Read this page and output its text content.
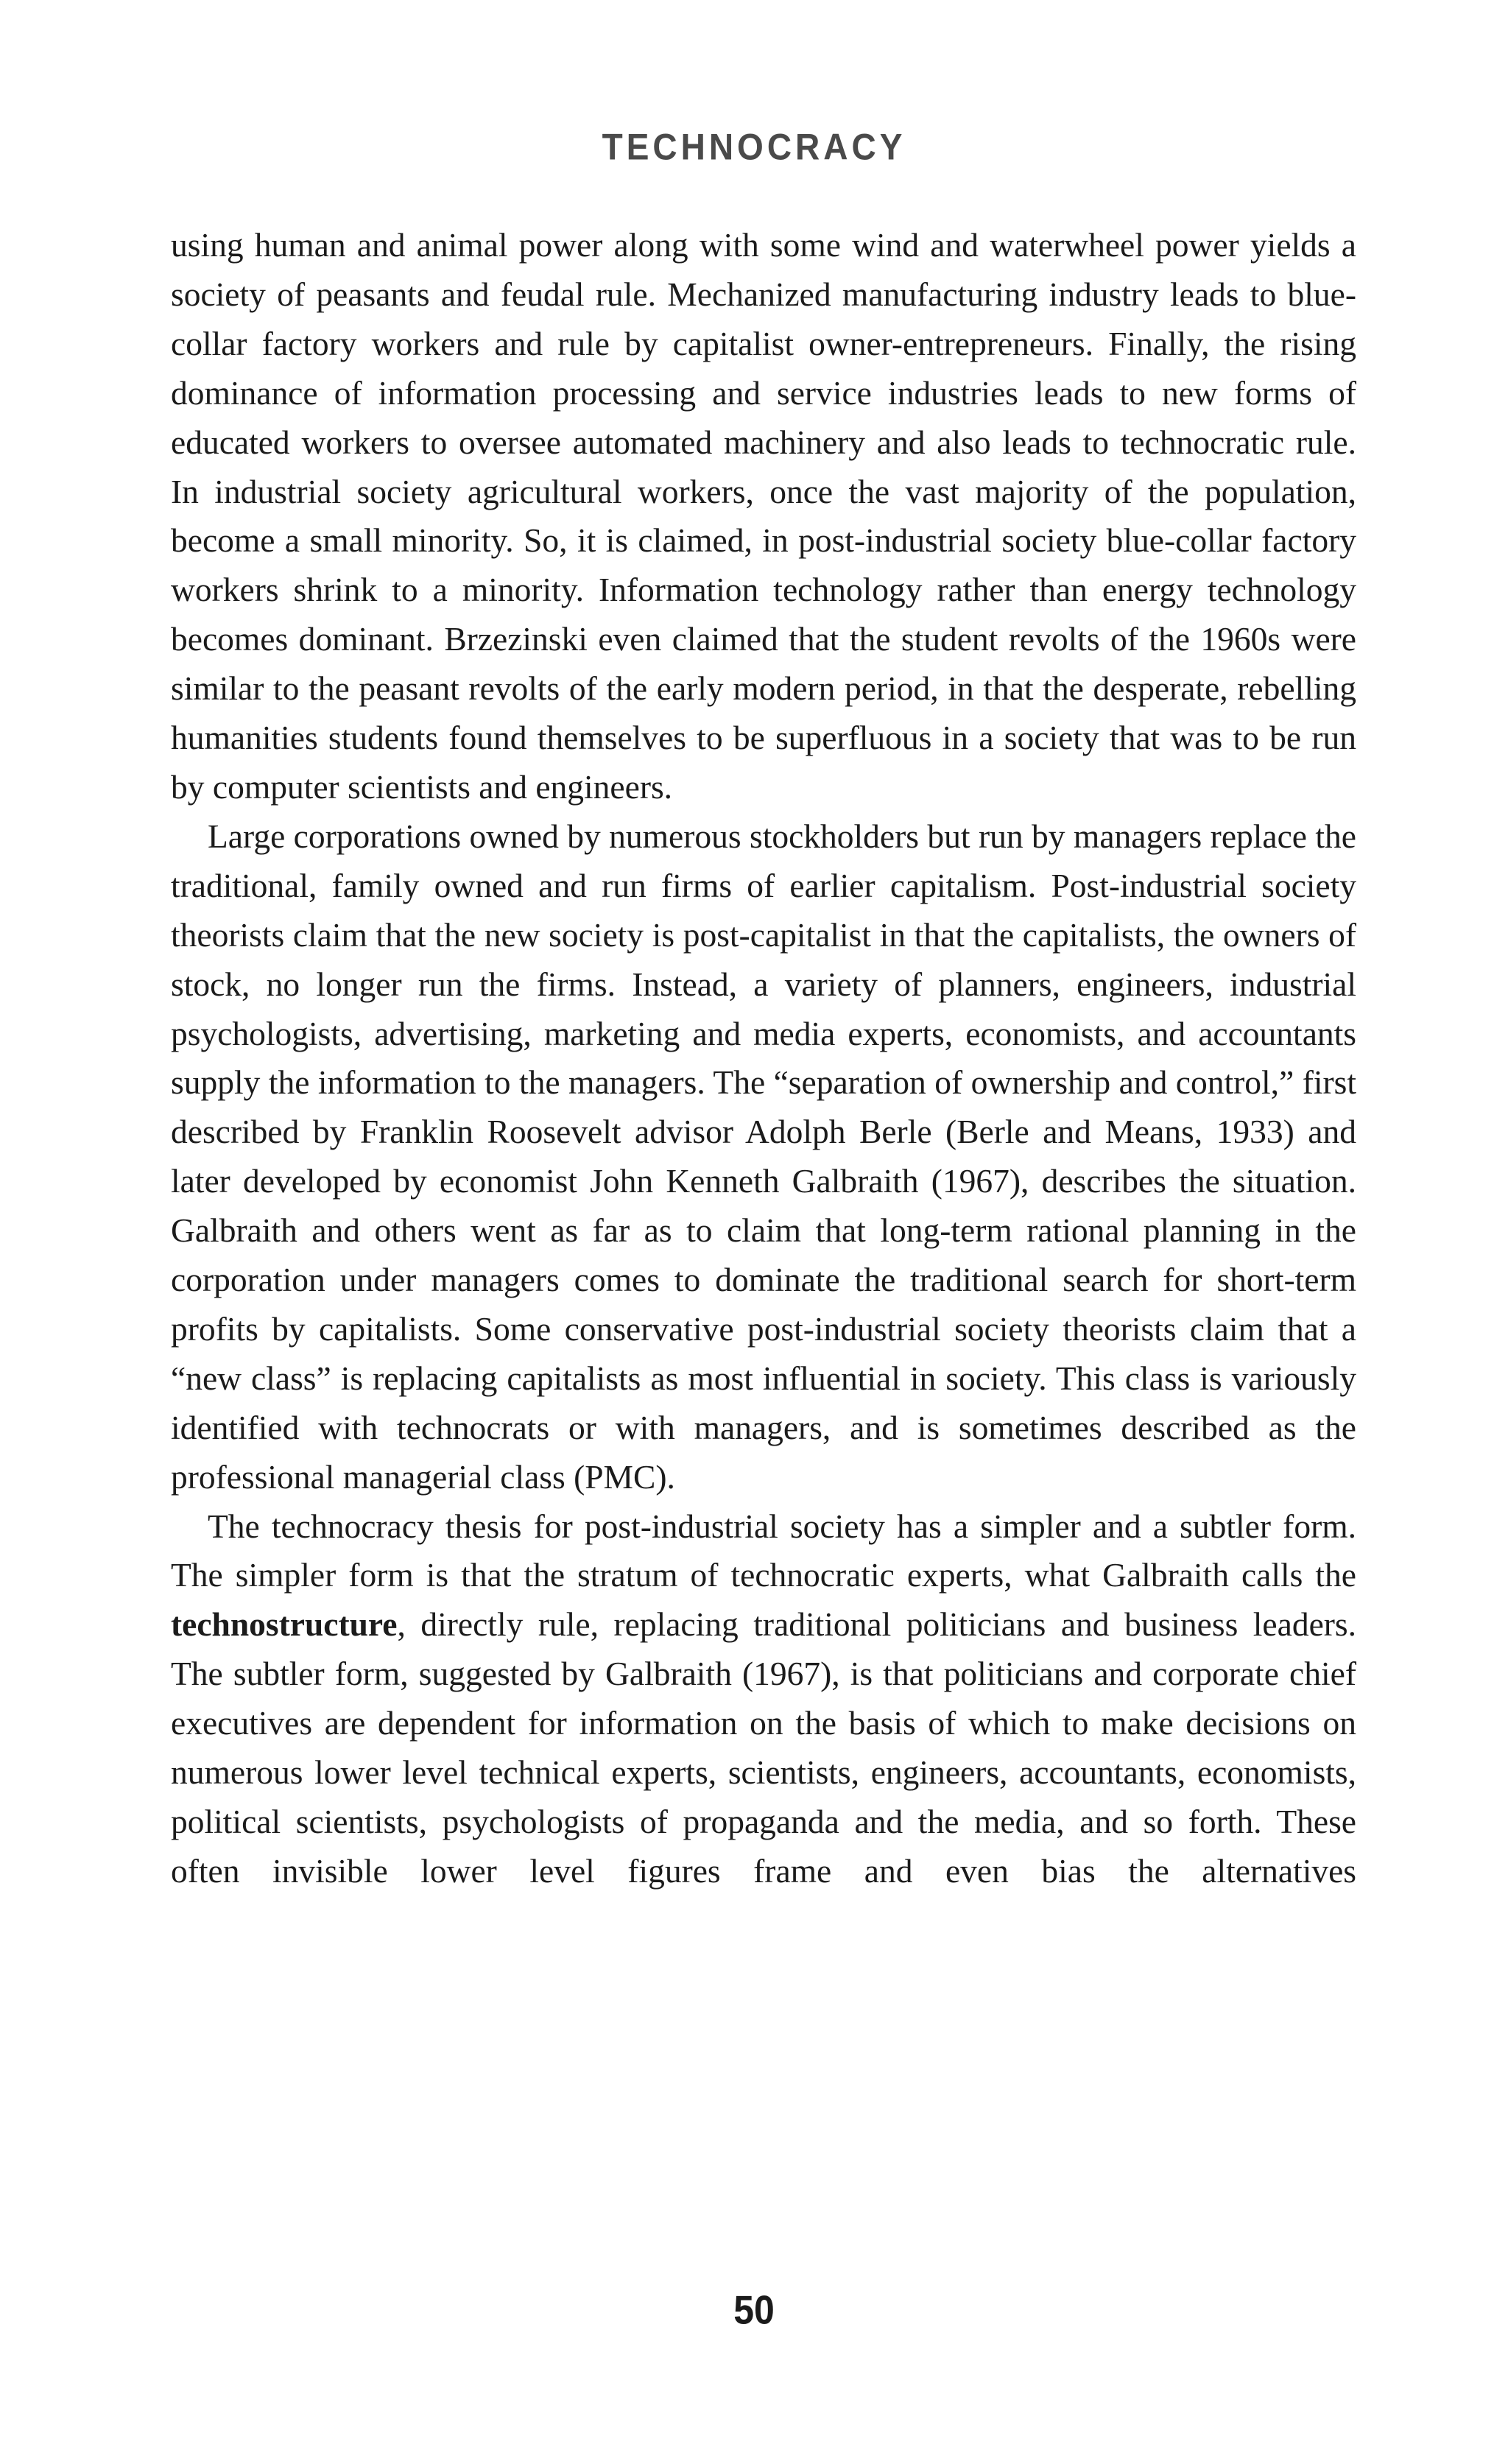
TECHNOCRACY

using human and animal power along with some wind and waterwheel power yields a society of peasants and feudal rule. Mechanized manufacturing industry leads to blue-collar factory workers and rule by capitalist owner-entrepreneurs. Finally, the rising dominance of information processing and service industries leads to new forms of educated workers to oversee automated machinery and also leads to technocratic rule. In industrial society agricultural workers, once the vast majority of the population, become a small minority. So, it is claimed, in post-industrial society blue-collar factory workers shrink to a minority. Information technology rather than energy technology becomes dominant. Brzezinski even claimed that the student revolts of the 1960s were similar to the peasant revolts of the early modern period, in that the desperate, rebelling humanities students found themselves to be superfluous in a society that was to be run by computer scientists and engineers.

Large corporations owned by numerous stockholders but run by managers replace the traditional, family owned and run firms of earlier capitalism. Post-industrial society theorists claim that the new society is post-capitalist in that the capitalists, the owners of stock, no longer run the firms. Instead, a variety of planners, engineers, industrial psychologists, advertising, marketing and media experts, economists, and accountants supply the information to the managers. The “separation of ownership and control,” first described by Franklin Roosevelt advisor Adolph Berle (Berle and Means, 1933) and later developed by economist John Kenneth Galbraith (1967), describes the situation. Galbraith and others went as far as to claim that long-term rational planning in the corporation under managers comes to dominate the traditional search for short-term profits by capitalists. Some conservative post-industrial society theorists claim that a “new class” is replacing capitalists as most influential in society. This class is variously identified with technocrats or with managers, and is sometimes described as the professional managerial class (PMC).

The technocracy thesis for post-industrial society has a simpler and a subtler form. The simpler form is that the stratum of technocratic experts, what Galbraith calls the technostructure, directly rule, replacing traditional politicians and business leaders. The subtler form, suggested by Galbraith (1967), is that politicians and corporate chief executives are dependent for information on the basis of which to make decisions on numerous lower level technical experts, scientists, engineers, accountants, economists, political scientists, psychologists of propaganda and the media, and so forth. These often invisible lower level figures frame and even bias the alternatives

50
